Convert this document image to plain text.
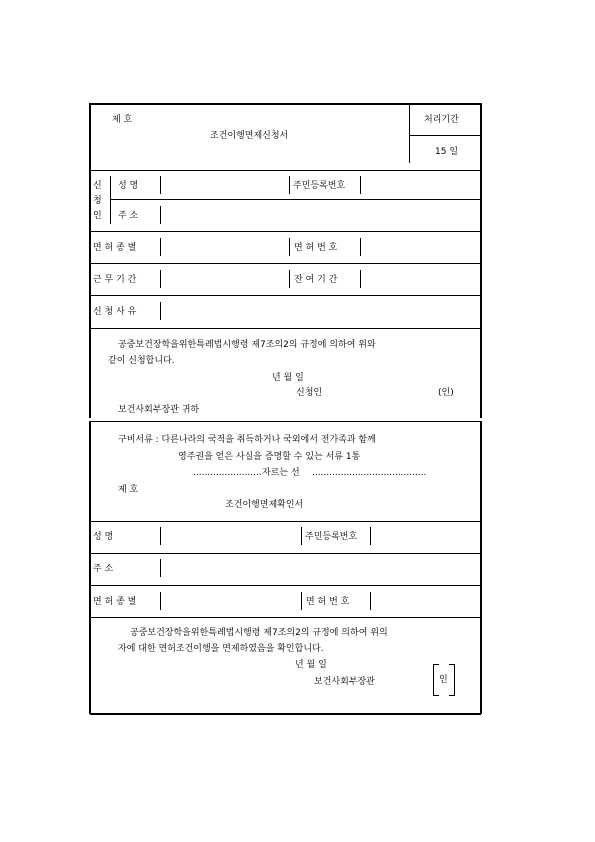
제 호	처리기간
15 일
조건이행면제신청서
신
청
인
성 명	주민등록번호
주 소
면 허 종 별	면 허 번 호
근 무 기 간	잔 여 기 간
신 청 사 유
공중보건장학을위한특례법시행령 제7조의2의 규정에 의하여 위와
같이 신청합니다.
년 월 일
신청인	(인)
보건사회부장관 귀하
구비서류 : 다른나라의 국적을 취득하거나 국외에서 전가족과 함께
영주권을 얻은 사실을 증명할 수 있는 서류 1통
........................ 자르는 선 ........................................
제 호
조건이행면제확인서
성 명	주민등록번호
주 소
면 허 종 별	면 허 번 호
공중보건장학을위한특례법시행령 제7조의2의 규정에 의하여 위의
자에 대한 면허조건이행을 면제하였음을 확인합니다.
년 월 일
보건사회부장관	인
